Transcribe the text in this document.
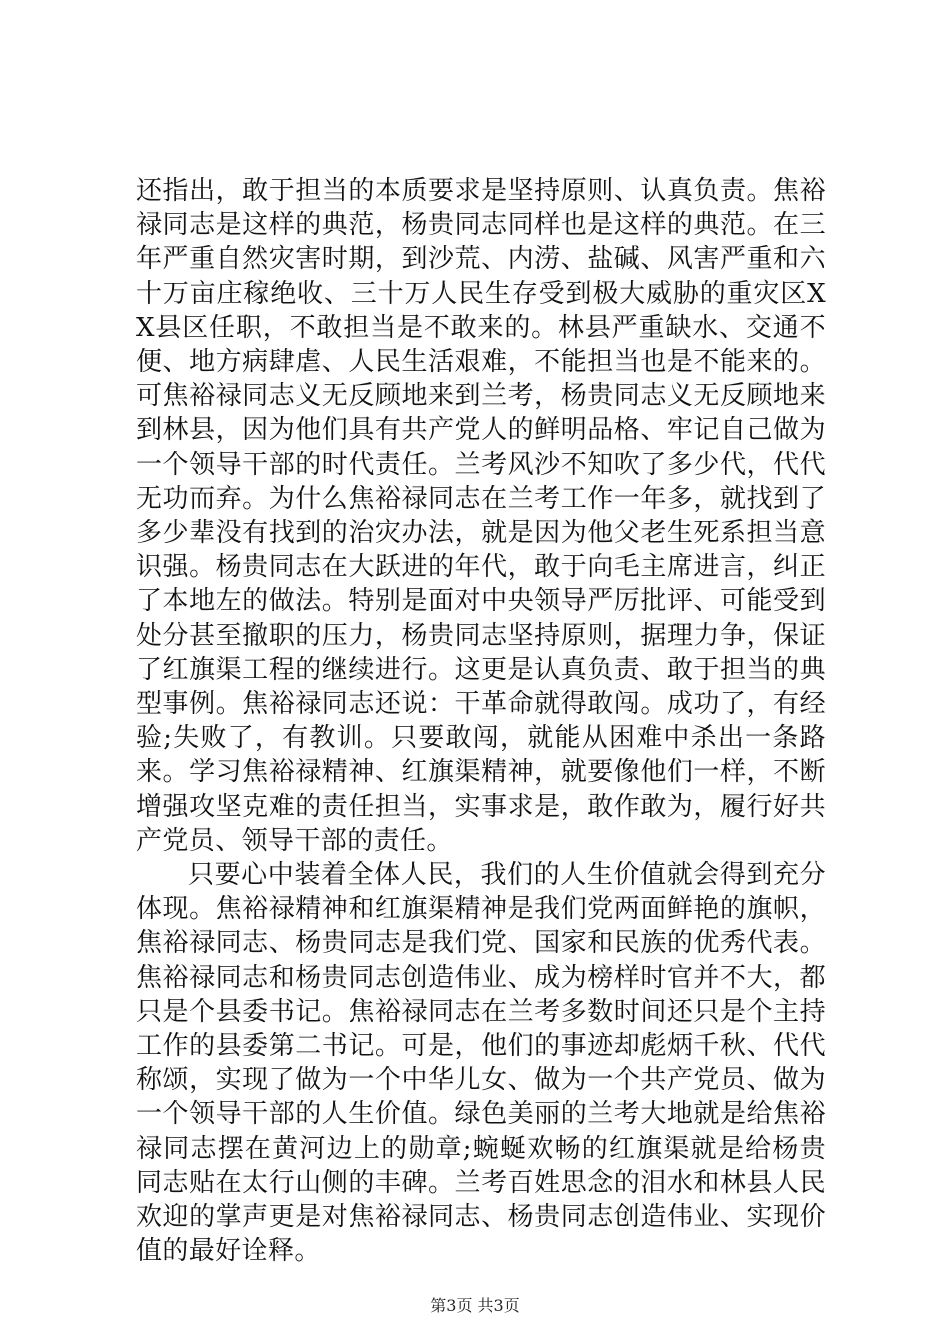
还指出，敢于担当的本质要求是坚持原则、认真负责。焦裕禄同志是这样的典范，杨贵同志同样也是这样的典范。在三年严重自然灾害时期，到沙荒、内涝、盐碱、风害严重和六十万亩庄稼绝收、三十万人民生存受到极大威胁的重灾区XX县区任职，不敢担当是不敢来的。林县严重缺水、交通不便、地方病肆虐、人民生活艰难，不能担当也是不能来的。可焦裕禄同志义无反顾地来到兰考，杨贵同志义无反顾地来到林县，因为他们具有共产党人的鲜明品格、牢记自己做为一个领导干部的时代责任。兰考风沙不知吹了多少代，代代无功而弃。为什么焦裕禄同志在兰考工作一年多，就找到了多少辈没有找到的治灾办法，就是因为他父老生死系担当意识强。杨贵同志在大跃进的年代，敢于向毛主席进言，纠正了本地左的做法。特别是面对中央领导严厉批评、可能受到处分甚至撤职的压力，杨贵同志坚持原则，据理力争，保证了红旗渠工程的继续进行。这更是认真负责、敢于担当的典型事例。焦裕禄同志还说：干革命就得敢闯。成功了，有经验;失败了，有教训。只要敢闯，就能从困难中杀出一条路来。学习焦裕禄精神、红旗渠精神，就要像他们一样，不断增强攻坚克难的责任担当，实事求是，敢作敢为，履行好共产党员、领导干部的责任。

只要心中装着全体人民，我们的人生价值就会得到充分体现。焦裕禄精神和红旗渠精神是我们党两面鲜艳的旗帜，焦裕禄同志、杨贵同志是我们党、国家和民族的优秀代表。焦裕禄同志和杨贵同志创造伟业、成为榜样时官并不大，都只是个县委书记。焦裕禄同志在兰考多数时间还只是个主持工作的县委第二书记。可是，他们的事迹却彪炳千秋、代代称颂，实现了做为一个中华儿女、做为一个共产党员、做为一个领导干部的人生价值。绿色美丽的兰考大地就是给焦裕禄同志摆在黄河边上的勋章;蜿蜒欢畅的红旗渠就是给杨贵同志贴在太行山侧的丰碑。兰考百姓思念的泪水和林县人民欢迎的掌声更是对焦裕禄同志、杨贵同志创造伟业、实现价值的最好诠释。

第3页 共3页
